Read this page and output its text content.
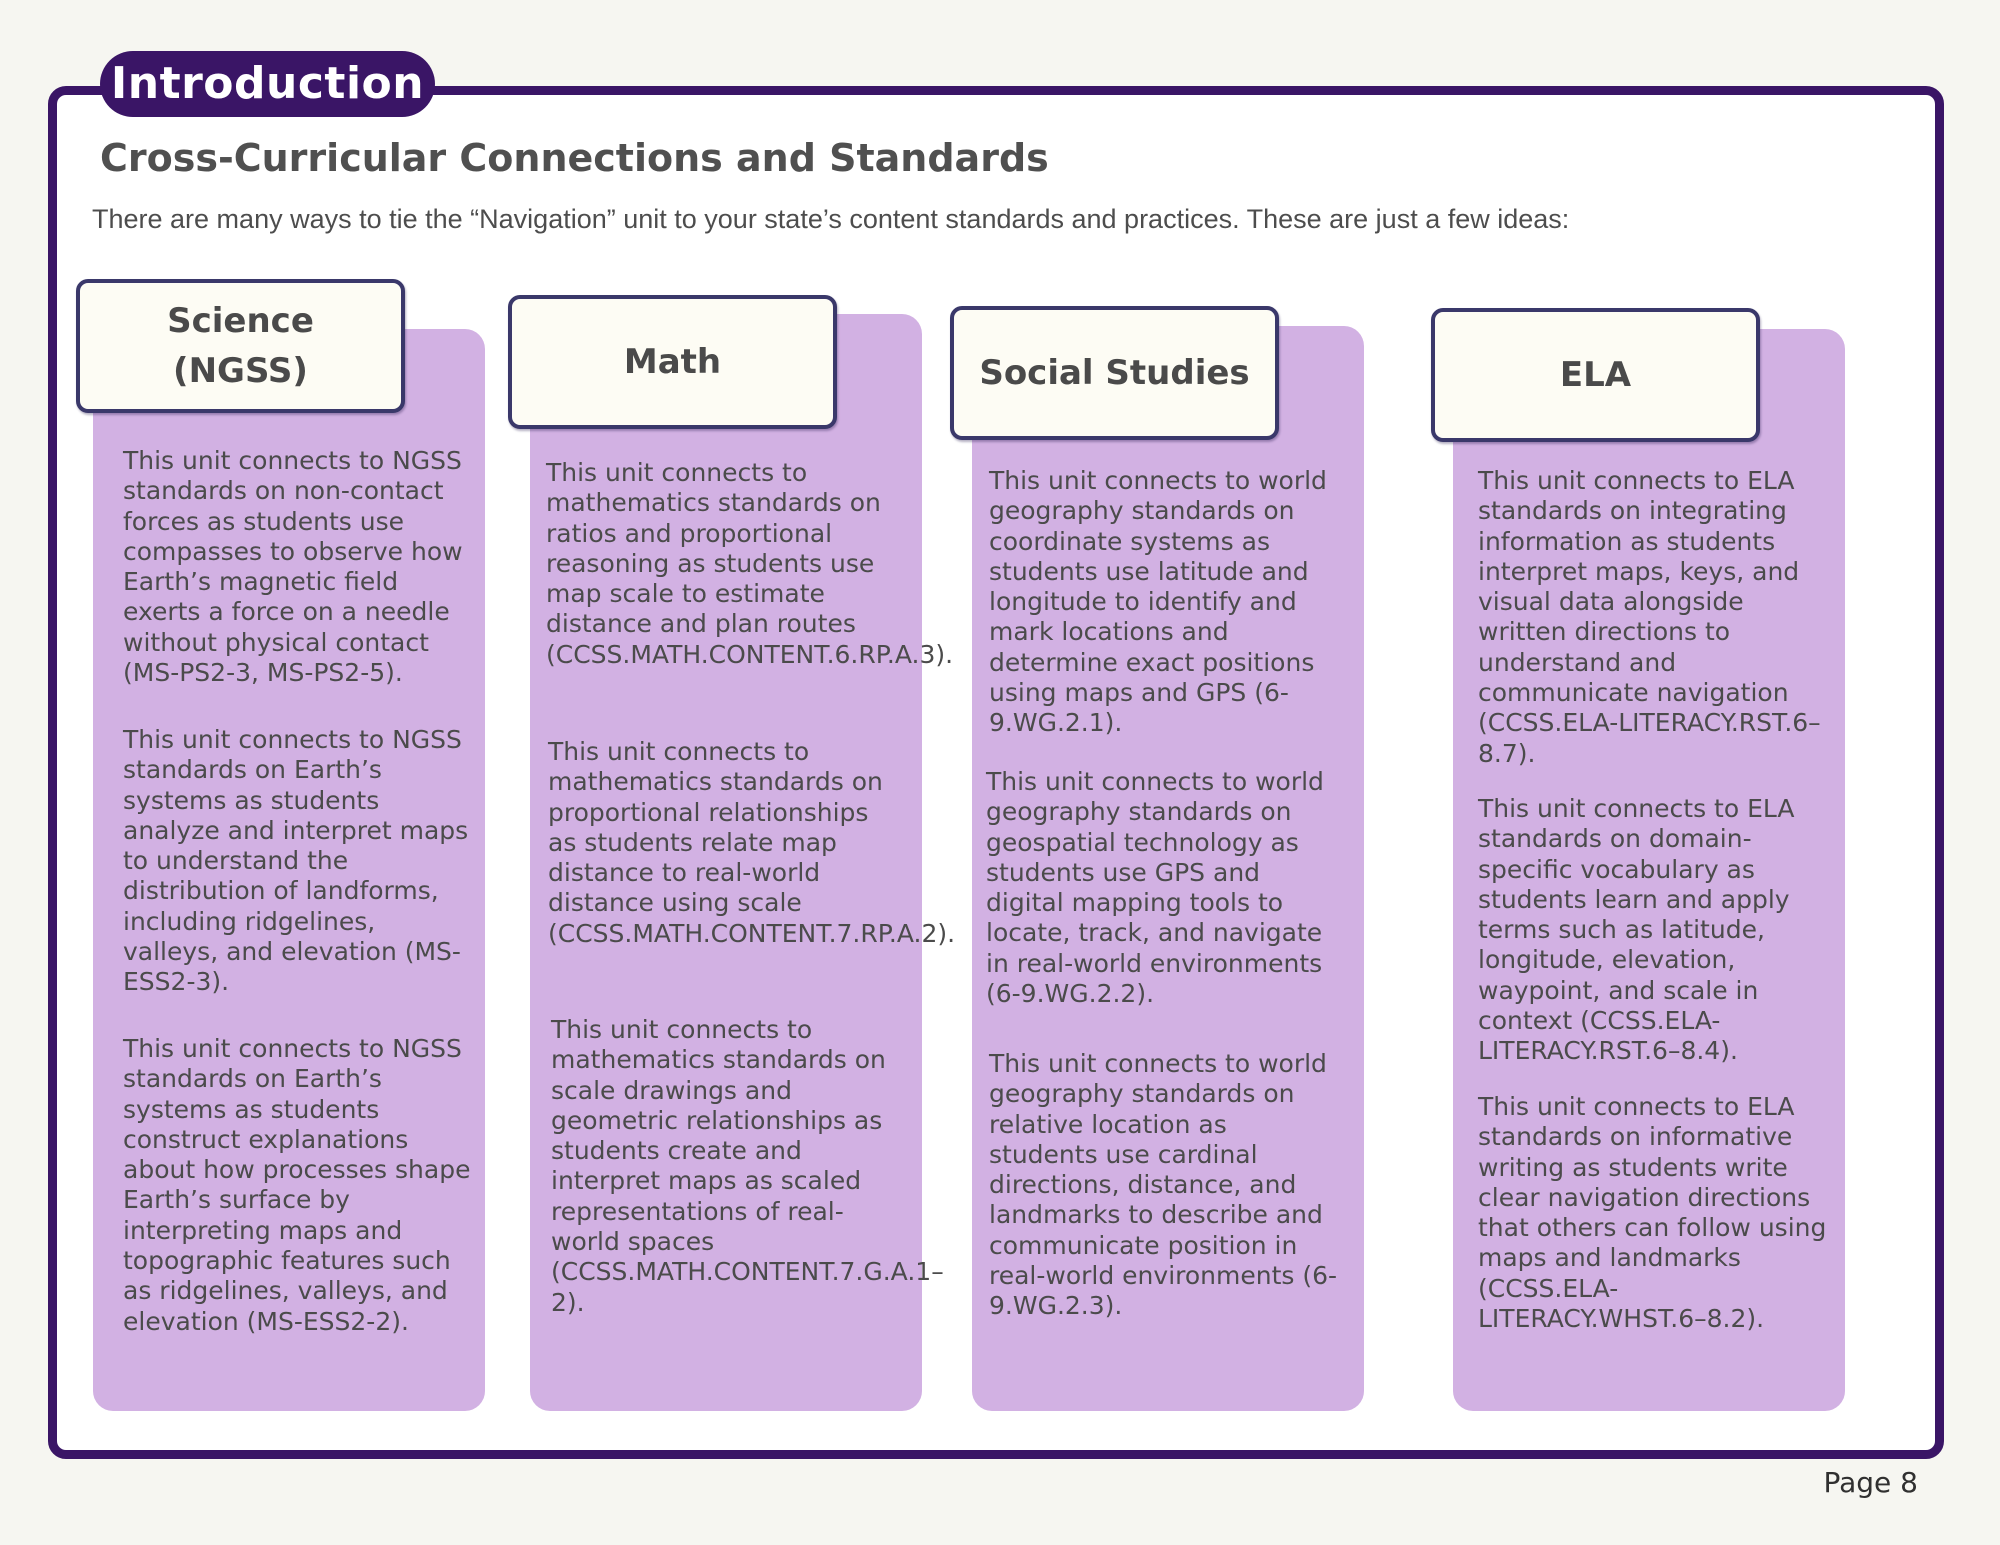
Introduction
Cross-Curricular Connections and Standards

There are many ways to tie the “Navigation” unit to your state’s content standards and practices. These are just a few ideas:

Science
(NGSS)

This unit connects to NGSS standards on non-contact forces as students use compasses to observe how Earth’s magnetic field exerts a force on a needle without physical contact (MS-PS2-3, MS-PS2-5).

This unit connects to NGSS standards on Earth’s systems as students analyze and interpret maps to understand the distribution of landforms, including ridgelines, valleys, and elevation (MS-ESS2-3).

This unit connects to NGSS standards on Earth’s systems as students construct explanations about how processes shape Earth’s surface by interpreting maps and topographic features such as ridgelines, valleys, and elevation (MS-ESS2-2).

Math

This unit connects to mathematics standards on ratios and proportional reasoning as students use map scale to estimate distance and plan routes (CCSS.MATH.CONTENT.6.RP.A.3).

This unit connects to mathematics standards on proportional relationships as students relate map distance to real-world distance using scale (CCSS.MATH.CONTENT.7.RP.A.2).

This unit connects to mathematics standards on scale drawings and geometric relationships as students create and interpret maps as scaled representations of real-world spaces (CCSS.MATH.CONTENT.7.G.A.1–2).

Social Studies

This unit connects to world geography standards on coordinate systems as students use latitude and longitude to identify and mark locations and determine exact positions using maps and GPS (6-9.WG.2.1).

This unit connects to world geography standards on geospatial technology as students use GPS and digital mapping tools to locate, track, and navigate in real-world environments (6-9.WG.2.2).

This unit connects to world geography standards on relative location as students use cardinal directions, distance, and landmarks to describe and communicate position in real-world environments (6-9.WG.2.3).

ELA

This unit connects to ELA standards on integrating information as students interpret maps, keys, and visual data alongside written directions to understand and communicate navigation (CCSS.ELA-LITERACY.RST.6–8.7).

This unit connects to ELA standards on domain-specific vocabulary as students learn and apply terms such as latitude, longitude, elevation, waypoint, and scale in context (CCSS.ELA-LITERACY.RST.6–8.4).

This unit connects to ELA standards on informative writing as students write clear navigation directions that others can follow using maps and landmarks (CCSS.ELA-LITERACY.WHST.6–8.2).

Page 8
